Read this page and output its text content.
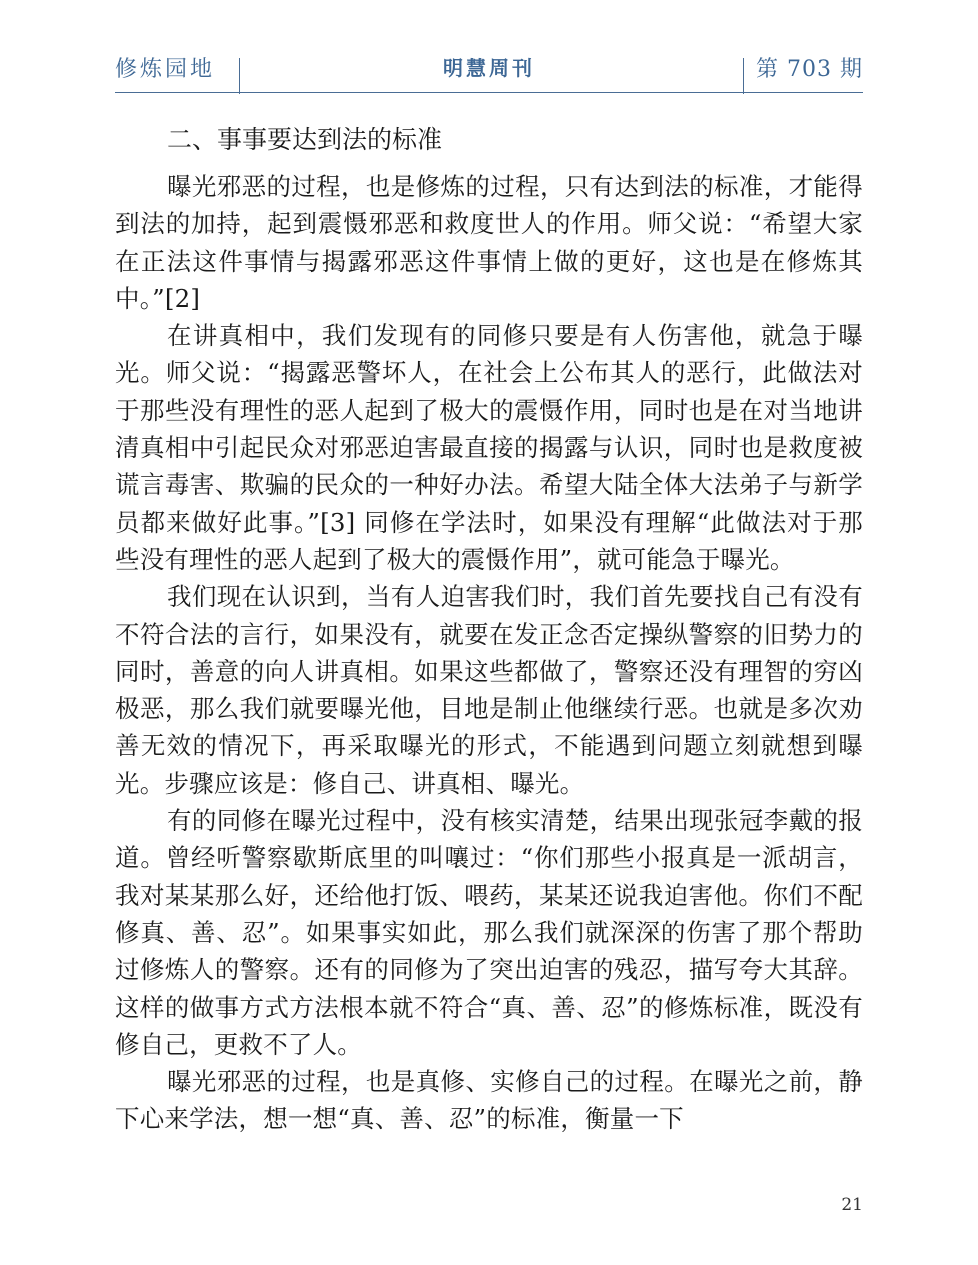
修炼园地	明慧周刊	第 703 期
二、事事要达到法的标准

曝光邪恶的过程，也是修炼的过程，只有达到法的标准，才能得到法的加持，起到震慑邪恶和救度世人的作用。师父说：“希望大家在正法这件事情与揭露邪恶这件事情上做的更好，这也是在修炼其中。”[2]

在讲真相中，我们发现有的同修只要是有人伤害他，就急于曝光。师父说：“揭露恶警坏人，在社会上公布其人的恶行，此做法对于那些没有理性的恶人起到了极大的震慑作用，同时也是在对当地讲清真相中引起民众对邪恶迫害最直接的揭露与认识，同时也是救度被谎言毒害、欺骗的民众的一种好办法。希望大陆全体大法弟子与新学员都来做好此事。”[3] 同修在学法时，如果没有理解“此做法对于那些没有理性的恶人起到了极大的震慑作用”，就可能急于曝光。

我们现在认识到，当有人迫害我们时，我们首先要找自己有没有不符合法的言行，如果没有，就要在发正念否定操纵警察的旧势力的同时，善意的向人讲真相。如果这些都做了，警察还没有理智的穷凶极恶，那么我们就要曝光他，目地是制止他继续行恶。也就是多次劝善无效的情况下，再采取曝光的形式，不能遇到问题立刻就想到曝光。步骤应该是：修自己、讲真相、曝光。

有的同修在曝光过程中，没有核实清楚，结果出现张冠李戴的报道。曾经听警察歇斯底里的叫嚷过：“你们那些小报真是一派胡言，我对某某那么好，还给他打饭、喂药，某某还说我迫害他。你们不配修真、善、忍”。如果事实如此，那么我们就深深的伤害了那个帮助过修炼人的警察。还有的同修为了突出迫害的残忍，描写夸大其辞。这样的做事方式方法根本就不符合“真、善、忍”的修炼标准，既没有修自己，更救不了人。

曝光邪恶的过程，也是真修、实修自己的过程。在曝光之前，静下心来学法，想一想“真、善、忍”的标准，衡量一下

21
